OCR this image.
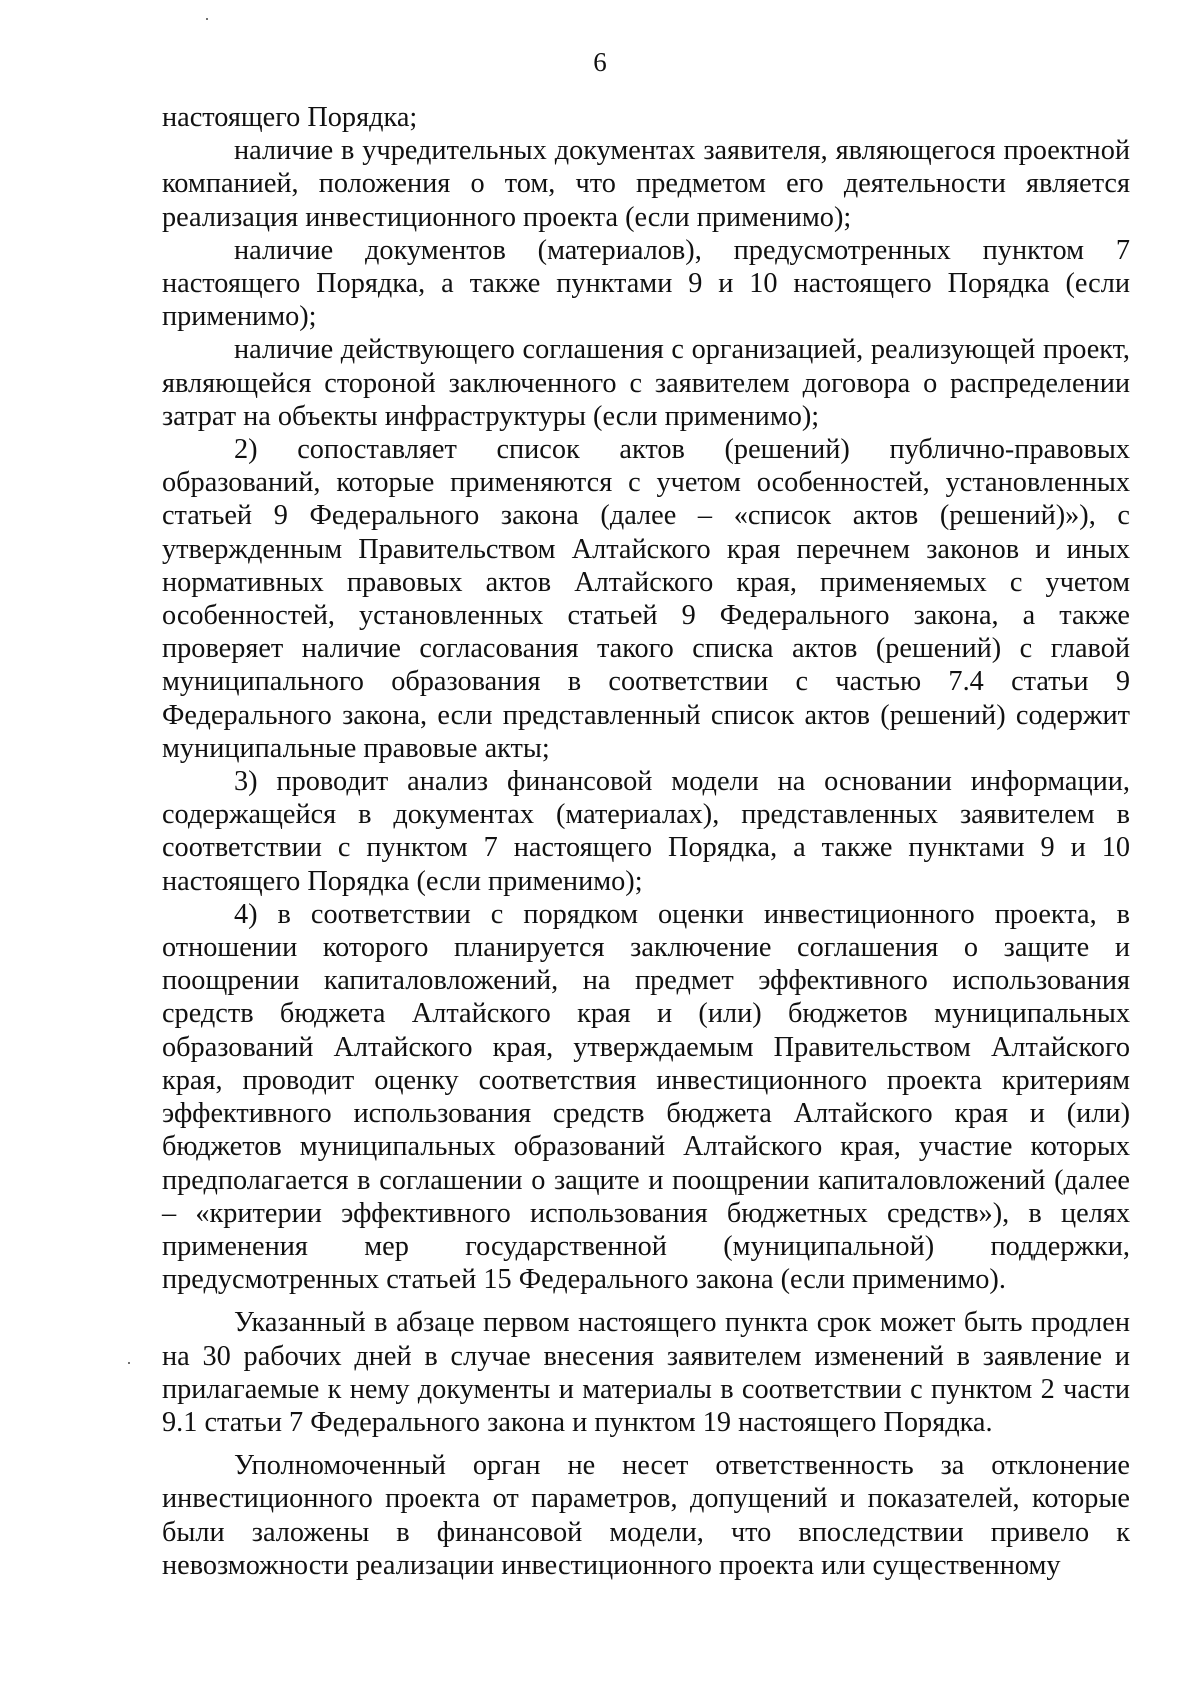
6

настоящего Порядка;

наличие в учредительных документах заявителя, являющегося проектной компанией, положения о том, что предметом его деятельности является реализация инвестиционного проекта (если применимо);

наличие документов (материалов), предусмотренных пунктом 7 настоящего Порядка, а также пунктами 9 и 10 настоящего Порядка (если применимо);

наличие действующего соглашения с организацией, реализующей проект, являющейся стороной заключенного с заявителем договора о распределении затрат на объекты инфраструктуры (если применимо);

2) сопоставляет список актов (решений) публично-правовых образований, которые применяются с учетом особенностей, установленных статьей 9 Федерального закона (далее – «список актов (решений)»), с утвержденным Правительством Алтайского края перечнем законов и иных нормативных правовых актов Алтайского края, применяемых с учетом особенностей, установленных статьей 9 Федерального закона, а также проверяет наличие согласования такого списка актов (решений) с главой муниципального образования в соответствии с частью 7.4 статьи 9 Федерального закона, если представленный список актов (решений) содержит муниципальные правовые акты;

3) проводит анализ финансовой модели на основании информации, содержащейся в документах (материалах), представленных заявителем в соответствии с пунктом 7 настоящего Порядка, а также пунктами 9 и 10 настоящего Порядка (если применимо);

4) в соответствии с порядком оценки инвестиционного проекта, в отношении которого планируется заключение соглашения о защите и поощрении капиталовложений, на предмет эффективного использования средств бюджета Алтайского края и (или) бюджетов муниципальных образований Алтайского края, утверждаемым Правительством Алтайского края, проводит оценку соответствия инвестиционного проекта критериям эффективного использования средств бюджета Алтайского края и (или) бюджетов муниципальных образований Алтайского края, участие которых предполагается в соглашении о защите и поощрении капиталовложений (далее – «критерии эффективного использования бюджетных средств»), в целях применения мер государственной (муниципальной) поддержки, предусмотренных статьей 15 Федерального закона (если применимо).

Указанный в абзаце первом настоящего пункта срок может быть продлен на 30 рабочих дней в случае внесения заявителем изменений в заявление и прилагаемые к нему документы и материалы в соответствии с пунктом 2 части 9.1 статьи 7 Федерального закона и пунктом 19 настоящего Порядка.

Уполномоченный орган не несет ответственность за отклонение инвестиционного проекта от параметров, допущений и показателей, которые были заложены в финансовой модели, что впоследствии привело к невозможности реализации инвестиционного проекта или существенному
